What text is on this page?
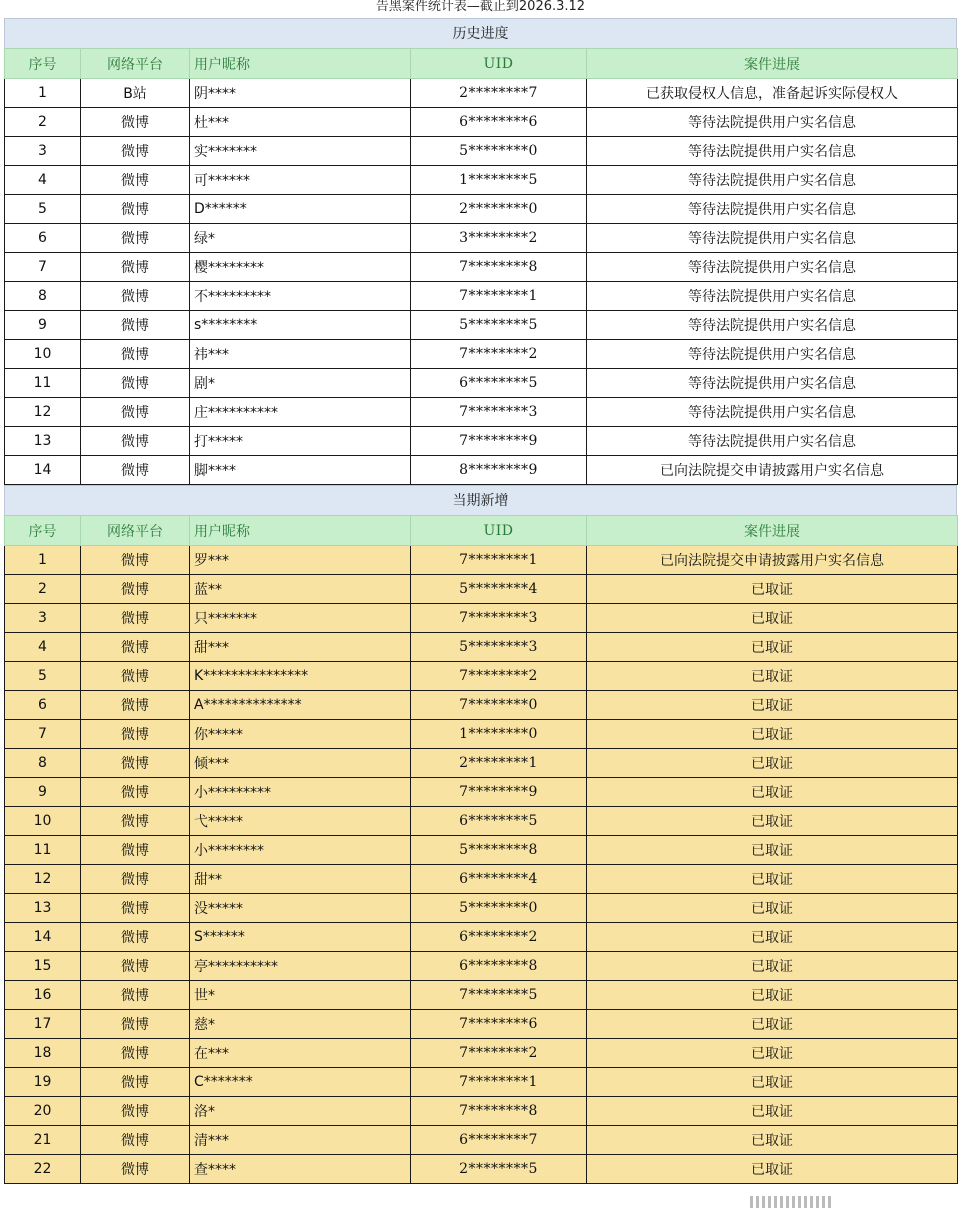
告黑案件统计表—截止到2026.3.12
历史进度
序号	网络平台	用户昵称	UID	案件进展
1	B站	阴****	2********7	已获取侵权人信息，准备起诉实际侵权人
2	微博	杜***	6********6	等待法院提供用户实名信息
3	微博	实*******	5********0	等待法院提供用户实名信息
4	微博	可******	1********5	等待法院提供用户实名信息
5	微博	D******	2********0	等待法院提供用户实名信息
6	微博	绿*	3********2	等待法院提供用户实名信息
7	微博	樱********	7********8	等待法院提供用户实名信息
8	微博	不*********	7********1	等待法院提供用户实名信息
9	微博	s********	5********5	等待法院提供用户实名信息
10	微博	祎***	7********2	等待法院提供用户实名信息
11	微博	剧*	6********5	等待法院提供用户实名信息
12	微博	庄**********	7********3	等待法院提供用户实名信息
13	微博	打*****	7********9	等待法院提供用户实名信息
14	微博	脚****	8********9	已向法院提交申请披露用户实名信息
当期新增
序号	网络平台	用户昵称	UID	案件进展
1	微博	罗***	7********1	已向法院提交申请披露用户实名信息
2	微博	蓝**	5********4	已取证
3	微博	只*******	7********3	已取证
4	微博	甜***	5********3	已取证
5	微博	K***************	7********2	已取证
6	微博	A**************	7********0	已取证
7	微博	你*****	1********0	已取证
8	微博	倾***	2********1	已取证
9	微博	小*********	7********9	已取证
10	微博	弋*****	6********5	已取证
11	微博	小********	5********8	已取证
12	微博	甜**	6********4	已取证
13	微博	没*****	5********0	已取证
14	微博	S******	6********2	已取证
15	微博	亭**********	6********8	已取证
16	微博	世*	7********5	已取证
17	微博	慈*	7********6	已取证
18	微博	在***	7********2	已取证
19	微博	C*******	7********1	已取证
20	微博	洛*	7********8	已取证
21	微博	清***	6********7	已取证
22	微博	查****	2********5	已取证
